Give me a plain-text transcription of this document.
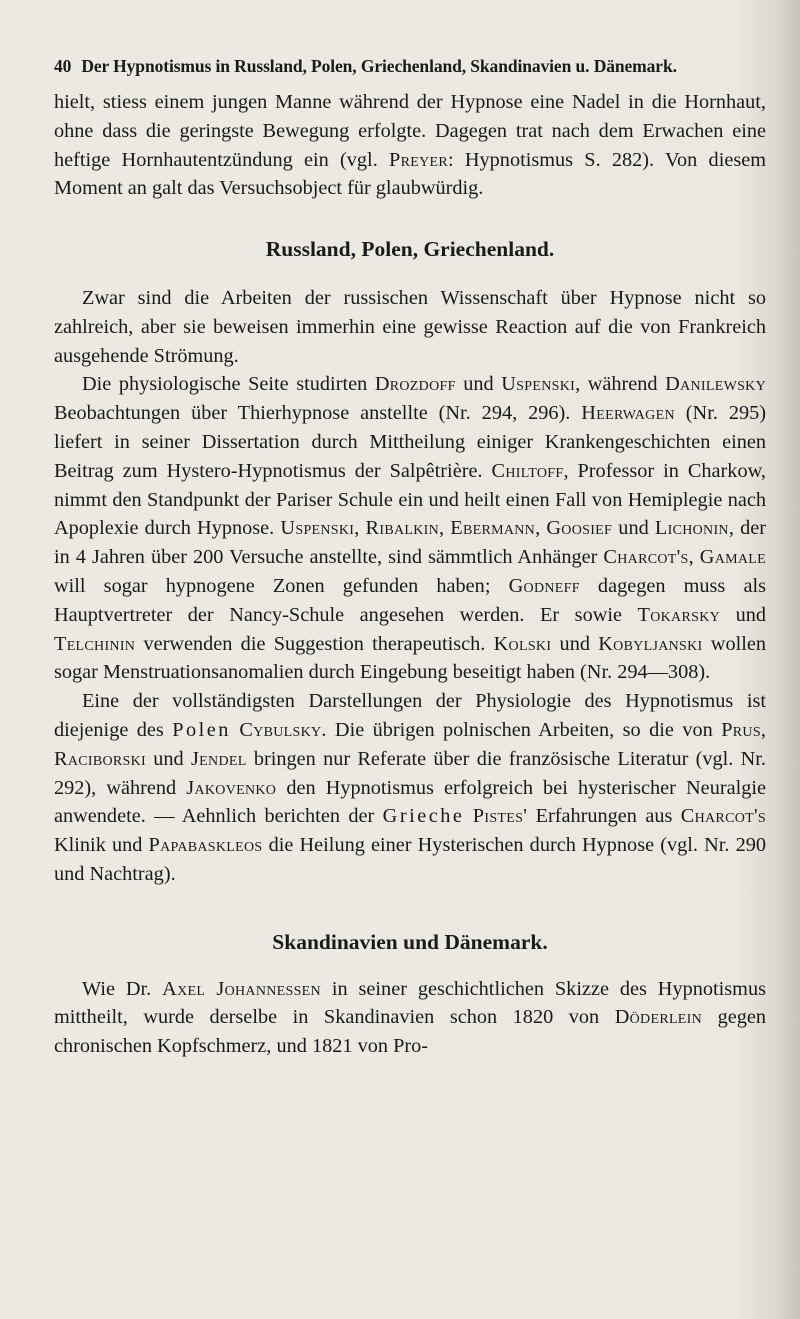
40 Der Hypnotismus in Russland, Polen, Griechenland, Skandinavien u. Dänemark.

hielt, stiess einem jungen Manne während der Hypnose eine Nadel in die Hornhaut, ohne dass die geringste Bewegung erfolgte. Dagegen trat nach dem Erwachen eine heftige Hornhautentzündung ein (vgl. Preyer: Hypnotismus S. 282). Von diesem Moment an galt das Versuchsobject für glaubwürdig.

Russland, Polen, Griechenland.

Zwar sind die Arbeiten der russischen Wissenschaft über Hypnose nicht so zahlreich, aber sie beweisen immerhin eine gewisse Reaction auf die von Frankreich ausgehende Strömung.

Die physiologische Seite studirten Drozdoff und Uspenski, während Danilewsky Beobachtungen über Thierhypnose anstellte (Nr. 294, 296). Heerwagen (Nr. 295) liefert in seiner Dissertation durch Mittheilung einiger Krankengeschichten einen Beitrag zum Hystero-Hypnotismus der Salpêtrière. Chiltoff, Professor in Charkow, nimmt den Standpunkt der Pariser Schule ein und heilt einen Fall von Hemiplegie nach Apoplexie durch Hypnose. Uspenski, Ribalkin, Ebermann, Goosief und Lichonin, der in 4 Jahren über 200 Versuche anstellte, sind sämmtlich Anhänger Charcot's, Gamale will sogar hypnogene Zonen gefunden haben; Godneff dagegen muss als Hauptvertreter der Nancy-Schule angesehen werden. Er sowie Tokarsky und Telchinin verwenden die Suggestion therapeutisch. Kolski und Kobyljanski wollen sogar Menstruationsanomalien durch Eingebung beseitigt haben (Nr. 294—308).

Eine der vollständigsten Darstellungen der Physiologie des Hypnotismus ist diejenige des Polen Cybulsky. Die übrigen polnischen Arbeiten, so die von Prus, Raciborski und Jendel bringen nur Referate über die französische Literatur (vgl. Nr. 292), während Jakovenko den Hypnotismus erfolgreich bei hysterischer Neuralgie anwendete. — Aehnlich berichten der Grieche Pistes' Erfahrungen aus Charcot's Klinik und Papabaskleos die Heilung einer Hysterischen durch Hypnose (vgl. Nr. 290 und Nachtrag).

Skandinavien und Dänemark.

Wie Dr. Axel Johannessen in seiner geschichtlichen Skizze des Hypnotismus mittheilt, wurde derselbe in Skandinavien schon 1820 von Döderlein gegen chronischen Kopfschmerz, und 1821 von Pro-
